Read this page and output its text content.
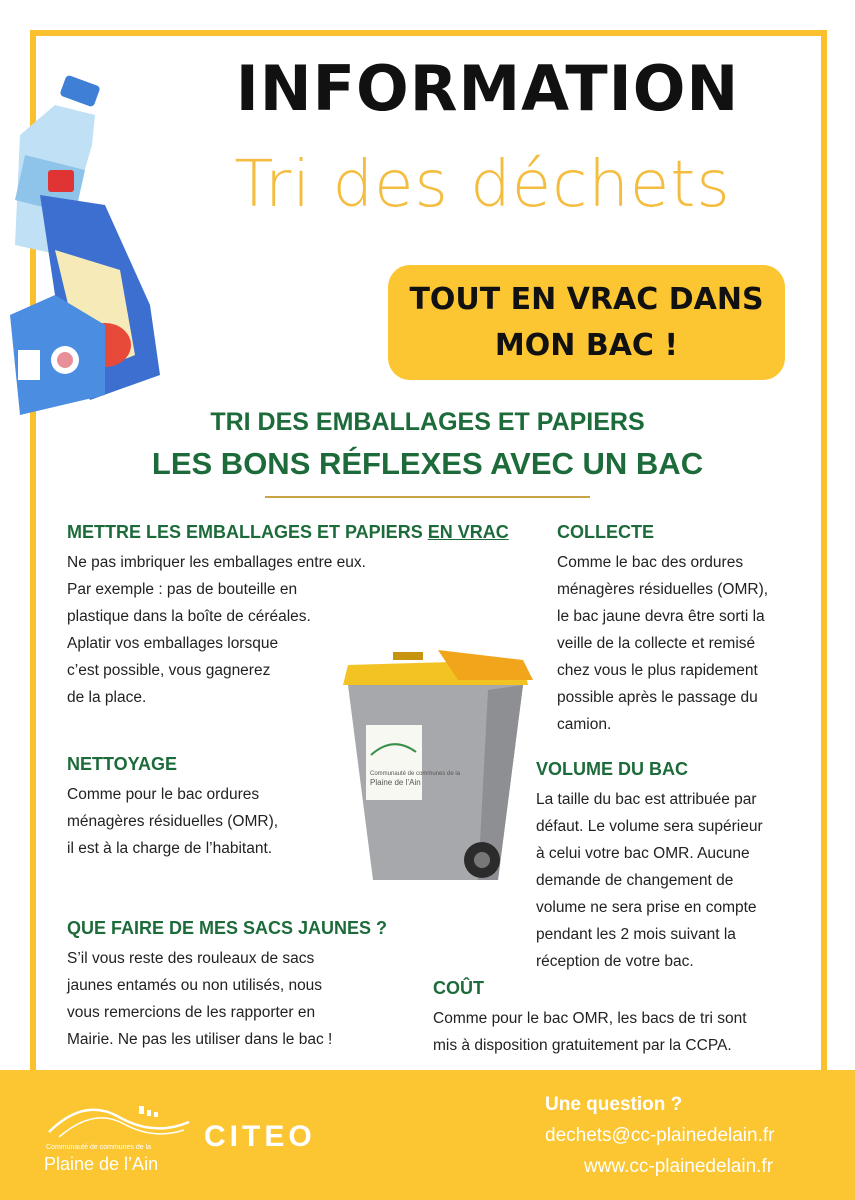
INFORMATION
Tri des déchets
TOUT EN VRAC DANS
MON BAC !
TRI DES EMBALLAGES ET PAPIERS
LES BONS RÉFLEXES AVEC UN BAC
METTRE LES EMBALLAGES ET PAPIERS EN VRAC

Ne pas imbriquer les emballages entre eux.
Par exemple : pas de bouteille en
plastique dans la boîte de céréales.
Aplatir vos emballages lorsque
c’est possible, vous gagnerez
de la place.

COLLECTE

Comme le bac des ordures
ménagères résiduelles (OMR),
le bac jaune devra être sorti la
veille de la collecte et remisé
chez vous le plus rapidement
possible après le passage du
camion.

Communauté de communes de la
Plaine de l’Ain
NETTOYAGE

Comme pour le bac ordures
ménagères résiduelles (OMR),
il est à la charge de l’habitant.

VOLUME DU BAC

La taille du bac est attribuée par
défaut. Le volume sera supérieur
à celui votre bac OMR. Aucune
demande de changement de
volume ne sera prise en compte
pendant les 2 mois suivant la
réception de votre bac.

QUE FAIRE DE MES SACS JAUNES ?

S’il vous reste des rouleaux de sacs
jaunes entamés ou non utilisés, nous
vous remercions de les rapporter en
Mairie. Ne pas les utiliser dans le bac !

COÛT

Comme pour le bac OMR, les bacs de tri sont
mis à disposition gratuitement par la CCPA.

Communauté de communes de la
Plaine de l’Ain
CITEO
Une question ?
dechets@cc-plainedelain.fr
www.cc-plainedelain.fr
